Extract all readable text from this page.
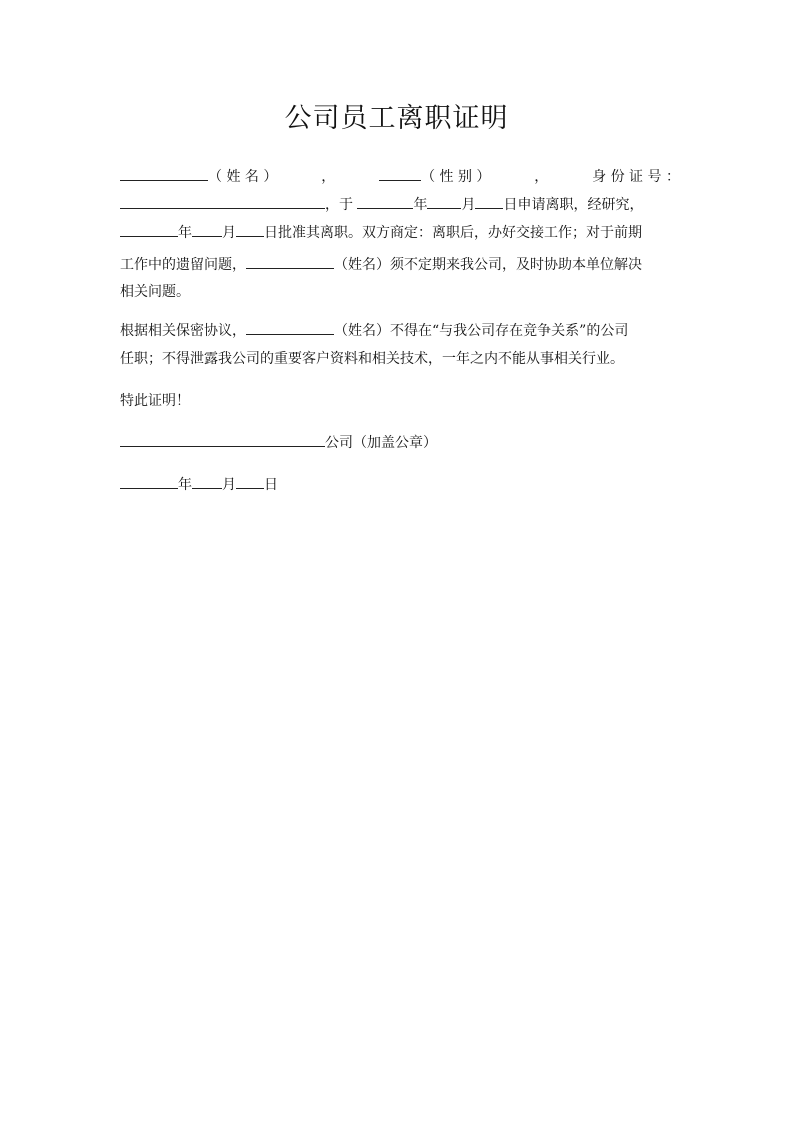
公司员工离职证明
（ 姓 名 ）	，	（ 性 别 ）	，	身 份 证 号 ：
，于	年 月 日申请离职，经研究，
年 月 日批准其离职。双方商定：离职后，办好交接工作；对于前期
工作中的遗留问题，	（姓名）须不定期来我公司，及时协助本单位解决
相关问题。
根据相关保密协议，	（姓名）不得在“与我公司存在竞争关系”的公司
任职；不得泄露我公司的重要客户资料和相关技术，一年之内不能从事相关行业。
特此证明！
公司（加盖公章）
年 月 日
